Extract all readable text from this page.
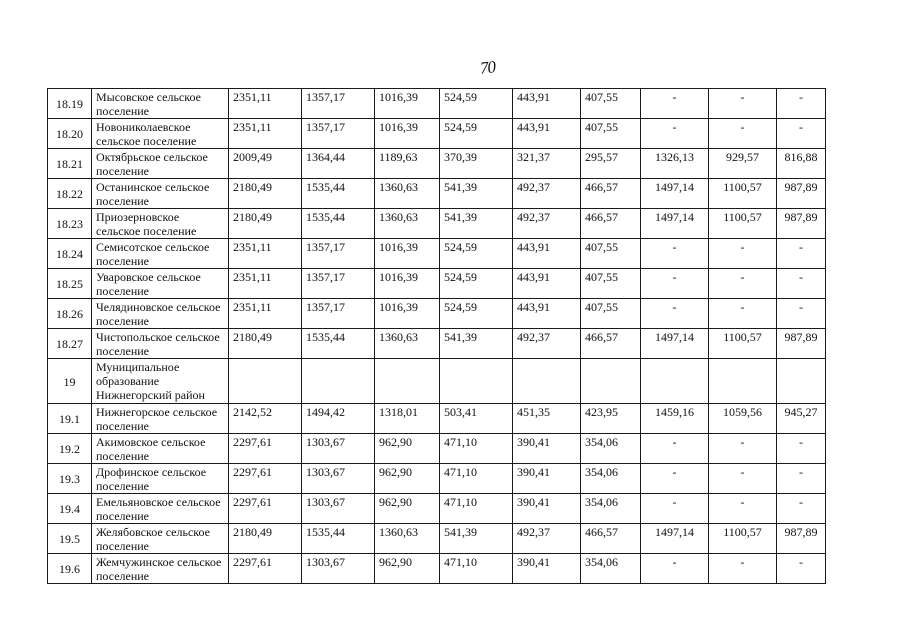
70
18.19	Мысовское сельское поселение	2351,11	1357,17	1016,39	524,59	443,91	407,55	-	-	-
18.20	Новониколаевское сельское поселение	2351,11	1357,17	1016,39	524,59	443,91	407,55	-	-	-
18.21	Октябрьское сельское поселение	2009,49	1364,44	1189,63	370,39	321,37	295,57	1326,13	929,57	816,88
18.22	Останинское сельское поселение	2180,49	1535,44	1360,63	541,39	492,37	466,57	1497,14	1100,57	987,89
18.23	Приозерновское сельское поселение	2180,49	1535,44	1360,63	541,39	492,37	466,57	1497,14	1100,57	987,89
18.24	Семисотское сельское поселение	2351,11	1357,17	1016,39	524,59	443,91	407,55	-	-	-
18.25	Уваровское сельское поселение	2351,11	1357,17	1016,39	524,59	443,91	407,55	-	-	-
18.26	Челядиновское сельское поселение	2351,11	1357,17	1016,39	524,59	443,91	407,55	-	-	-
18.27	Чистопольское сельское поселение	2180,49	1535,44	1360,63	541,39	492,37	466,57	1497,14	1100,57	987,89
19	Муниципальное образование Нижнегорский район									
19.1	Нижнегорское сельское поселение	2142,52	1494,42	1318,01	503,41	451,35	423,95	1459,16	1059,56	945,27
19.2	Акимовское сельское поселение	2297,61	1303,67	962,90	471,10	390,41	354,06	-	-	-
19.3	Дрофинское сельское поселение	2297,61	1303,67	962,90	471,10	390,41	354,06	-	-	-
19.4	Емельяновское сельское поселение	2297,61	1303,67	962,90	471,10	390,41	354,06	-	-	-
19.5	Желябовское сельское поселение	2180,49	1535,44	1360,63	541,39	492,37	466,57	1497,14	1100,57	987,89
19.6	Жемчужинское сельское поселение	2297,61	1303,67	962,90	471,10	390,41	354,06	-	-	-
